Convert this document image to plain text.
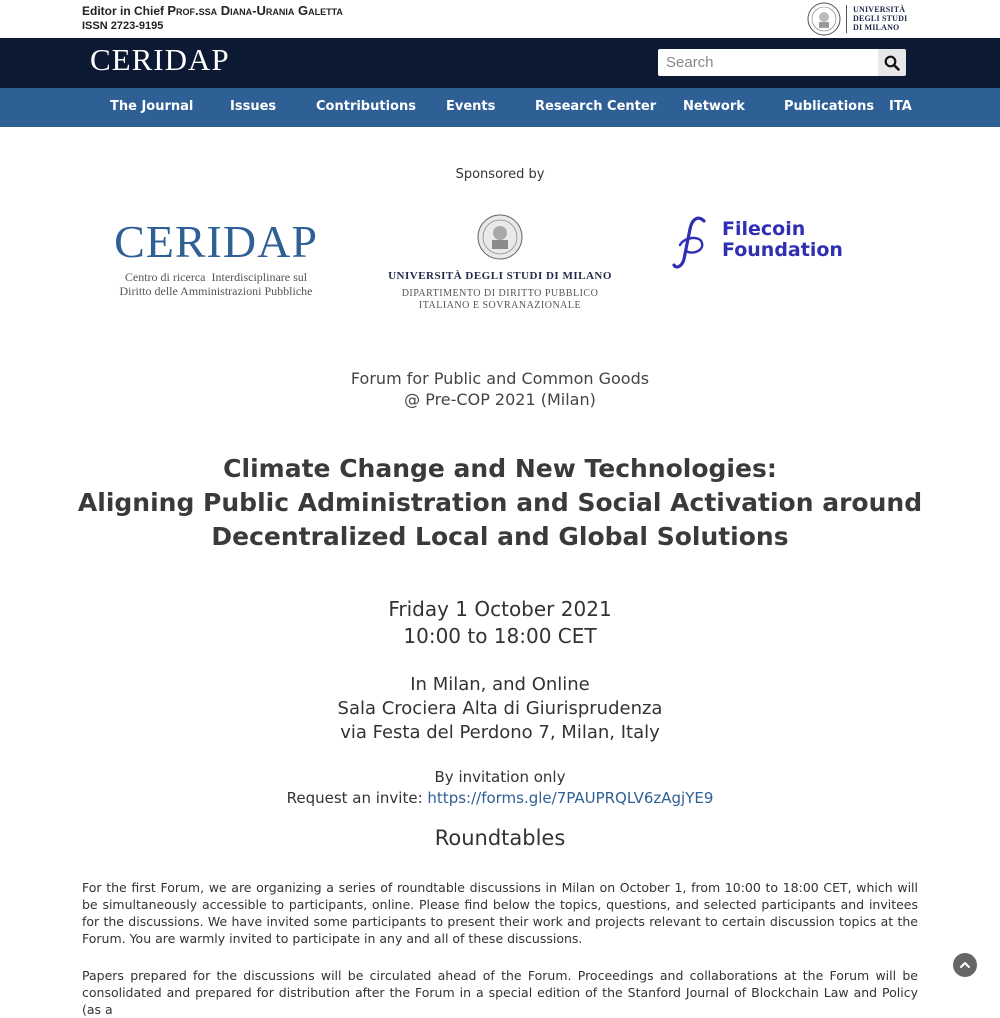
Editor in Chief Prof.ssa Diana-Urania Galetta
ISSN 2723-9195
UNIVERSITÀ
DEGLI STUDI
DI MILANO
CERIDAP
Search
The Journal	Issues	Contributions Events	Research Center Network	Publications ITA
Sponsored by
CERIDAP
Centro di ricerca  Interdisciplinare sul
Diritto delle Amministrazioni Pubbliche
UNIVERSITÀ DEGLI STUDI DI MILANO
DIPARTIMENTO DI DIRITTO PUBBLICO
ITALIANO E SOVRANAZIONALE
Filecoin
Foundation
Forum for Public and Common Goods
@ Pre-COP 2021 (Milan)
Climate Change and New Technologies:
Aligning Public Administration and Social Activation around
Decentralized Local and Global Solutions
Friday 1 October 2021
10:00 to 18:00 CET
In Milan, and Online
Sala Crociera Alta di Giurisprudenza
via Festa del Perdono 7, Milan, Italy
By invitation only
Request an invite: https://forms.gle/7PAUPRQLV6zAgjYE9
Roundtables
For the first Forum, we are organizing a series of roundtable discussions in Milan on October 1, from 10:00 to 18:00 CET, which will be simultaneously accessible to participants, online. Please find below the topics, questions, and selected participants and invitees for the discussions. We have invited some participants to present their work and projects relevant to certain discussion topics at the Forum. You are warmly invited to participate in any and all of these discussions.
Papers prepared for the discussions will be circulated ahead of the Forum. Proceedings and collaborations at the Forum will be consolidated and prepared for distribution after the Forum in a special edition of the Stanford Journal of Blockchain Law and Policy (as a
